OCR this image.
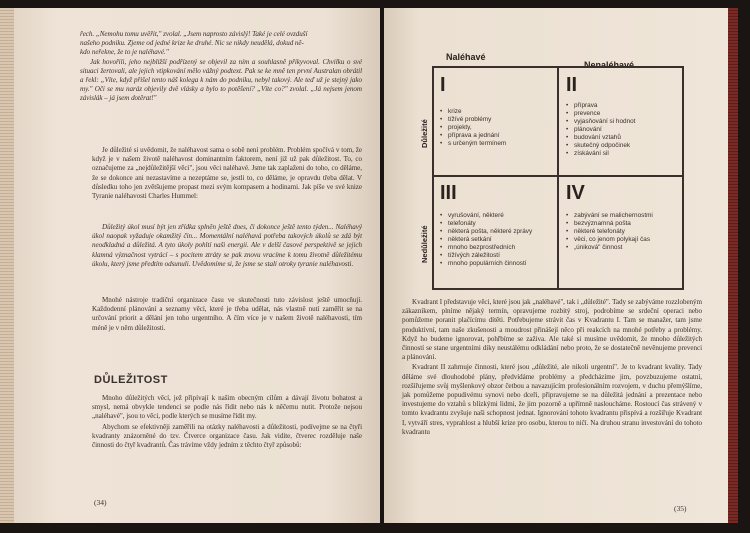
řech. „Nemohu tomu uvěřit," zvolal. „Jsem naprosto závislý! Také je celé ovzduší
našeho podniku. Zjeme od jedné krize ke druhé. Nic se nikdy neudělá, dokud ně-
kdo neřekne, že to je naléhavé."

Jak hovořili, jeho nejbližší podřízený se objevil za ním a souhlasně přikyvoval. Chvilku o své situaci žertovali, ale jejich vtipkování mělo vážný podtext. Pak se ke mně ten první Australan obrátil a řekl: „Víte, když přišel tento náš kolega k nám do podniku, nebyl takový. Ale teď už je stejný jako my." Oči se mu naráz objevily dvě vlásky a bylo to potěšení? „Víte co?" zvolal. „Já nejsem jenom závislák – já jsem dotěrat!"

Je důležité si uvědomit, že naléhavost sama o sobě není problém. Problém spočívá v tom, že když je v našem životě naléhavost dominantním faktorem, není již už pak důležitost. To, co označujeme za „nejdůležitější věci", jsou věci naléhavé. Jsme tak zaplaženi do toho, co děláme, že se dokonce ani nezastavíme a nezeptáme se, jestli to, co děláme, je opravdu třeba dělat. V důsledku toho jen zvětšujeme propast mezi svým kompasem a hodinami. Jak píše ve své knize Tyranie naléhavosti Charles Hummel:

Důležitý úkol musí být jen zřídka splněn ještě dnes, či dokonce ještě tento týden... Naléhavý úkol naopak vyžaduje okamžitý čin... Momentální naléhavá potřeba takových úkolů se zdá být neodkladná a důležitá. A tyto úkoly pohltí naši energii. Ale v delší časové perspektivě se jejich klamná význačnost vytrácí – s pocitem ztráty se pak znovu vracíme k tomu životně důležitému úkolu, který jsme předtím odsunuli. Uvědomíme si, že jsme se stali otroky tyranie naléhavosti.

Mnohé nástroje tradiční organizace času ve skutečnosti tuto závislost ještě umocňují. Každodenní plánování a seznamy věcí, které je třeba udělat, nás vlastně nutí zaměřit se na určování priorit a dělání jen toho urgentního. A čím více je v našem životě naléhavosti, tím méně je v něm důležitosti.

DŮLEŽITOST

Mnoho důležitých věcí, jež připívají k našim obecným cílům a dávají životu bohatost a smysl, nemá obvykle tendenci se podle nás řídit nebo nás k něčemu nutit. Protože nejsou „naléhavé", jsou to věci, podle kterých se musíme řídit my.

Abychom se efektivněji zaměřili na otázky naléhavosti a důležitosti, podívejme se na čtyři kvadranty znázorněné do tzv. Čtverce organizace času. Jak vidíte, čtverec rozděluje naše činnosti do čtyř kvadrantů. Čas trávíme vždy jedním z těchto čtyř způsobů:

(34)
Naléhavé
Nenaléhavé
Důležité
Nedůležité
I
• krize
• tížívé problémy
• projekty,
• příprava a jednání
• s určeným termínem
II
• příprava
• prevence
• vyjasňování si hodnot
• plánování
• budování vztahů
• skutečný odpočinek
• získávání sil
III
• vyrušování, některé
• telefonáty
• některá pošta, některé zprávy
• některá setkání
• mnoho bezprostředních
• tížívých záležitostí
• mnoho populárních činností
IV
• zabývání se malichernostmi
• bezvýznamná pošta
• některé telefonáty
• věci, co jenom polykají čas
• „úniková" činnost

Kvadrant I představuje věci, které jsou jak „naléhavé", tak i „důležité". Tady se zabýváme rozzlobeným zákazníkem, plníme nějaký termín, opravujeme rozbitý stroj, podrobíme se srdeční operaci nebo pomůžeme poranit plačícímu dítěti. Potřebujeme strávit čas v Kvadrantu I. Tam se manažer, tam jsme produktivní, tam naše zkušenosti a moudrost přinášejí něco při reakcích na mnohé potřeby a problémy. Když ho budeme ignorovat, pohřbíme se zaživa. Ale také si musíme uvědomit, že mnoho důležitých činností se stane urgentními díky neustálému odkládání nebo proto, že se dostatečně nevěnujeme prevenci a plánování.

Kvadrant II zahrnuje činnosti, které jsou „důležité, ale nikoli urgentní". Je to kvadrant kvality. Tady děláme své dlouhodobé plány, předvídáme problémy a předcházíme jim, povzbuzujeme ostatní, rozšiřujeme svůj myšlenkový obzor četbou a navazujícím profesionálním rozvojem, v duchu přemýšlíme, jak pomůžeme popudivému synovi nebo dceři, připravujeme se na důležitá jednání a prezentace nebo investujeme do vztahů s blízkými lidmi, že jim pozorně a upřímně nasloucháme. Rostoucí čas strávený v tomto kvadrantu zvyšuje naši schopnost jednat. Ignorování tohoto kvadrantu přispívá a rozšiřuje Kvadrant I, vytváří stres, vyprahlost a hlubší krize pro osobu, kterou to ničí. Na druhou stranu investování do tohoto kvadrantu

(35)
